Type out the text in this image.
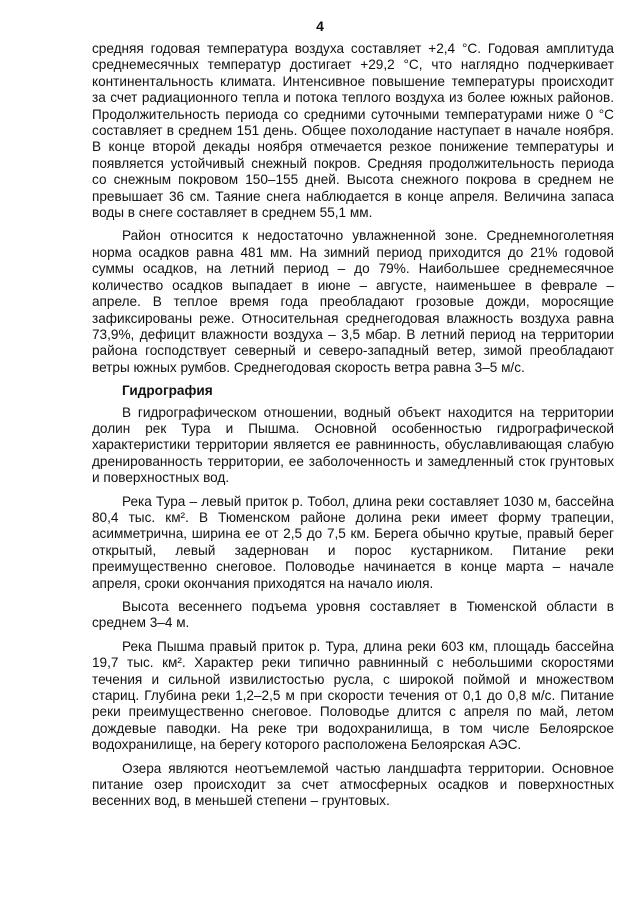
4

средняя годовая температура воздуха составляет +2,4 °С. Годовая амплитуда среднемесячных температур достигает +29,2 °С, что наглядно подчеркивает континентальность климата. Интенсивное повышение температуры происходит за счет радиационного тепла и потока теплого воздуха из более южных районов. Продолжительность периода со средними суточными температурами ниже 0 °С составляет в среднем 151 день. Общее похолодание наступает в начале ноября. В конце второй декады ноября отмечается резкое понижение температуры и появляется устойчивый снежный покров. Средняя продолжительность периода со снежным покровом 150–155 дней. Высота снежного покрова в среднем не превышает 36 см. Таяние снега наблюдается в конце апреля. Величина запаса воды в снеге составляет в среднем 55,1 мм.

Район относится к недостаточно увлажненной зоне. Среднемноголетняя норма осадков равна 481 мм. На зимний период приходится до 21% годовой суммы осадков, на летний период – до 79%. Наибольшее среднемесячное количество осадков выпадает в июне – августе, наименьшее в феврале – апреле. В теплое время года преобладают грозовые дожди, моросящие зафиксированы реже. Относительная среднегодовая влажность воздуха равна 73,9%, дефицит влажности воздуха – 3,5 мбар. В летний период на территории района господствует северный и северо-западный ветер, зимой преобладают ветры южных румбов. Среднегодовая скорость ветра равна 3–5 м/с.

Гидрография

В гидрографическом отношении, водный объект находится на территории долин рек Тура и Пышма. Основной особенностью гидрографической характеристики территории является ее равнинность, обуславливающая слабую дренированность территории, ее заболоченность и замедленный сток грунтовых и поверхностных вод.

Река Тура – левый приток р. Тобол, длина реки составляет 1030 м, бассейна 80,4 тыс. км². В Тюменском районе долина реки имеет форму трапеции, асимметрична, ширина ее от 2,5 до 7,5 км. Берега обычно крутые, правый берег открытый, левый задернован и порос кустарником. Питание реки преимущественно снеговое. Половодье начинается в конце марта – начале апреля, сроки окончания приходятся на начало июля.

Высота весеннего подъема уровня составляет в Тюменской области в среднем 3–4 м.

Река Пышма правый приток р. Тура, длина реки 603 км, площадь бассейна 19,7 тыс. км². Характер реки типично равнинный с небольшими скоростями течения и сильной извилистостью русла, с широкой поймой и множеством стариц. Глубина реки 1,2–2,5 м при скорости течения от 0,1 до 0,8 м/с. Питание реки преимущественно снеговое. Половодье длится с апреля по май, летом дождевые паводки. На реке три водохранилища, в том числе Белоярское водохранилище, на берегу которого расположена Белоярская АЭС.

Озера являются неотъемлемой частью ландшафта территории. Основное питание озер происходит за счет атмосферных осадков и поверхностных весенних вод, в меньшей степени – грунтовых.
